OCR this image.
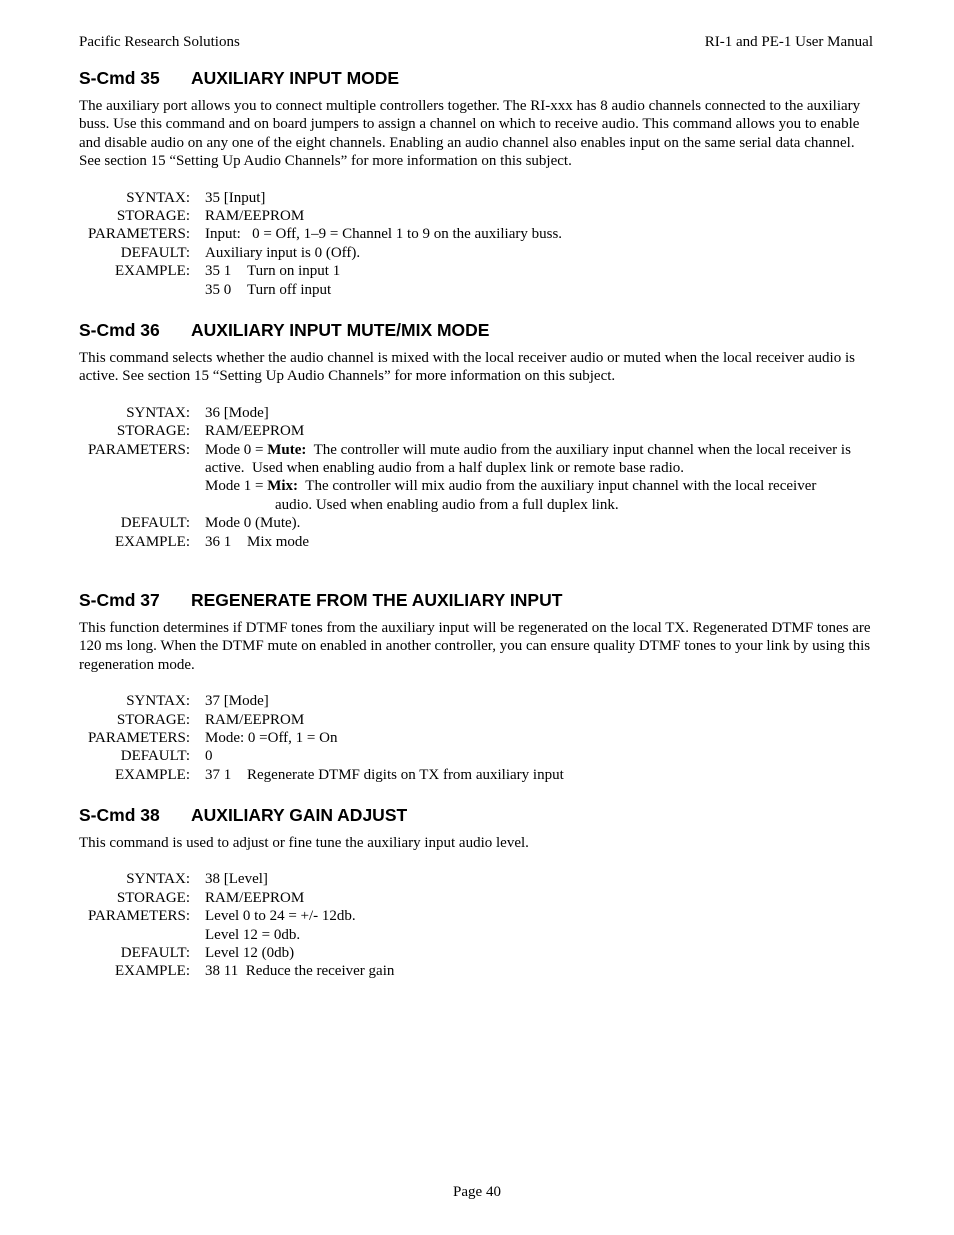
Pacific Research Solutions	RI-1 and PE-1 User Manual
S-Cmd 35 AUXILIARY INPUT MODE

The auxiliary port allows you to connect multiple controllers together. The RI-xxx has 8 audio channels connected to the auxiliary buss. Use this command and on board jumpers to assign a channel on which to receive audio. This command allows you to enable and disable audio on any one of the eight channels. Enabling an audio channel also enables input on the same serial data channel. See section 15 “Setting Up Audio Channels” for more information on this subject.

SYNTAX:	35 [Input]
STORAGE:	RAM/EEPROM
PARAMETERS:	Input: 0 = Off, 1–9 = Channel 1 to 9 on the auxiliary buss.
DEFAULT:	Auxiliary input is 0 (Off).
EXAMPLE:	35 1 Turn on input 1
35 0 Turn off input
S-Cmd 36 AUXILIARY INPUT MUTE/MIX MODE

This command selects whether the audio channel is mixed with the local receiver audio or muted when the local receiver audio is active. See section 15 “Setting Up Audio Channels” for more information on this subject.

SYNTAX:	36 [Mode]
STORAGE:	RAM/EEPROM
PARAMETERS:	Mode 0 = Mute:  The controller will mute audio from the auxiliary input channel when the local receiver is active.  Used when enabling audio from a half duplex link or remote base radio.
Mode 1 = Mix:  The controller will mix audio from the auxiliary input channel with the local receiver
audio. Used when enabling audio from a full duplex link.
DEFAULT:	Mode 0 (Mute).
EXAMPLE:	36 1 Mix mode
S-Cmd 37 REGENERATE FROM THE AUXILIARY INPUT

This function determines if DTMF tones from the auxiliary input will be regenerated on the local TX. Regenerated DTMF tones are 120 ms long. When the DTMF mute on enabled in another controller, you can ensure quality DTMF tones to your link by using this regeneration mode.

SYNTAX:	37 [Mode]
STORAGE:	RAM/EEPROM
PARAMETERS:	Mode: 0 =Off, 1 = On
DEFAULT:	0
EXAMPLE:	37 1 Regenerate DTMF digits on TX from auxiliary input
S-Cmd 38 AUXILIARY GAIN ADJUST

This command is used to adjust or fine tune the auxiliary input audio level.

SYNTAX:	38 [Level]
STORAGE:	RAM/EEPROM
PARAMETERS:	Level 0 to 24 = +/- 12db.
Level 12 = 0db.
DEFAULT:	Level 12 (0db)
EXAMPLE:	38 11  Reduce the receiver gain
Page 40
